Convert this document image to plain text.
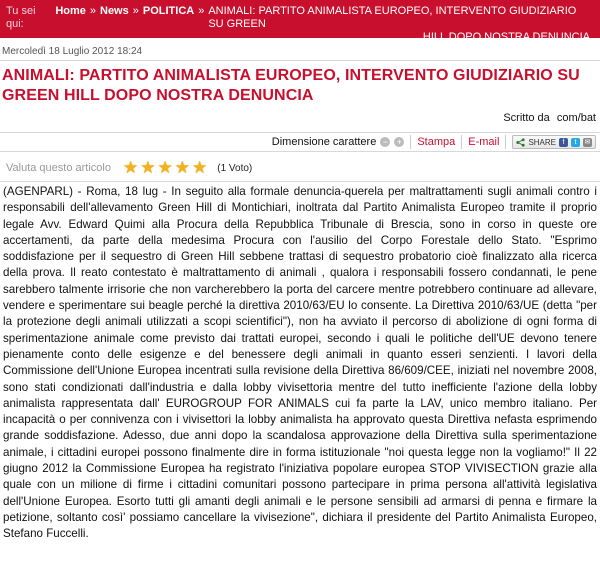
Tu sei qui:
Home » News » POLITICA » ANIMALI: PARTITO ANIMALISTA EUROPEO, INTERVENTO GIUDIZIARIO SU GREEN
HILL DOPO NOSTRA DENUNCIA
Mercoledì 18 Luglio 2012 18:24
ANIMALI: PARTITO ANIMALISTA EUROPEO, INTERVENTO GIUDIZIARIO SU GREEN HILL DOPO NOSTRA DENUNCIA
Scritto da com/bat
Dimensione carattere − + Stampa E-mail	SHARE f	t	✉
Valuta questo articolo ★ ★ ★ ★ ★ (1 Voto)

(AGENPARL) - Roma, 18 lug - In seguito alla formale denuncia-querela per maltrattamenti sugli animali contro i responsabili dell'allevamento Green Hill di Montichiari, inoltrata dal Partito Animalista Europeo tramite il proprio legale Avv. Edward Quimi alla Procura della Repubblica Tribunale di Brescia, sono in corso in queste ore accertamenti, da parte della medesima Procura con l'ausilio del Corpo Forestale dello Stato. "Esprimo soddisfazione per il sequestro di Green Hill sebbene trattasi di sequestro probatorio cioè finalizzato alla ricerca della prova. Il reato contestato è maltrattamento di animali , qualora i responsabili fossero condannati, le pene sarebbero talmente irrisorie che non varcherebbero la porta del carcere mentre potrebbero continuare ad allevare, vendere e sperimentare sui beagle perché la direttiva 2010/63/EU lo consente. La Direttiva 2010/63/UE (detta "per la protezione degli animali utilizzati a scopi scientifici"), non ha avviato il percorso di abolizione di ogni forma di sperimentazione animale come previsto dai trattati europei, secondo i quali le politiche dell'UE devono tenere pienamente conto delle esigenze e del benessere degli animali in quanto esseri senzienti. I lavori della Commissione dell'Unione Europea incentrati sulla revisione della Direttiva 86/609/CEE, iniziati nel novembre 2008, sono stati condizionati dall'industria e dalla lobby vivisettoria mentre del tutto inefficiente l'azione della lobby animalista rappresentata dall' EUROGROUP FOR ANIMALS cui fa parte la LAV, unico membro italiano. Per incapacità o per connivenza con i vivisettori la lobby animalista ha approvato questa Direttiva nefasta esprimendo grande soddisfazione. Adesso, due anni dopo la scandalosa approvazione della Direttiva sulla sperimentazione animale, i cittadini europei possono finalmente dire in forma istituzionale "noi questa legge non la vogliamo!" Il 22 giugno 2012 la Commissione Europea ha registrato l'iniziativa popolare europea STOP VIVISECTION grazie alla quale con un milione di firme i cittadini comunitari possono partecipare in prima persona all'attività legislativa dell'Unione Europea. Esorto tutti gli amanti degli animali e le persone sensibili ad armarsi di penna e firmare la petizione, soltanto così' possiamo cancellare la vivisezione", dichiara il presidente del Partito Animalista Europeo, Stefano Fuccelli.
